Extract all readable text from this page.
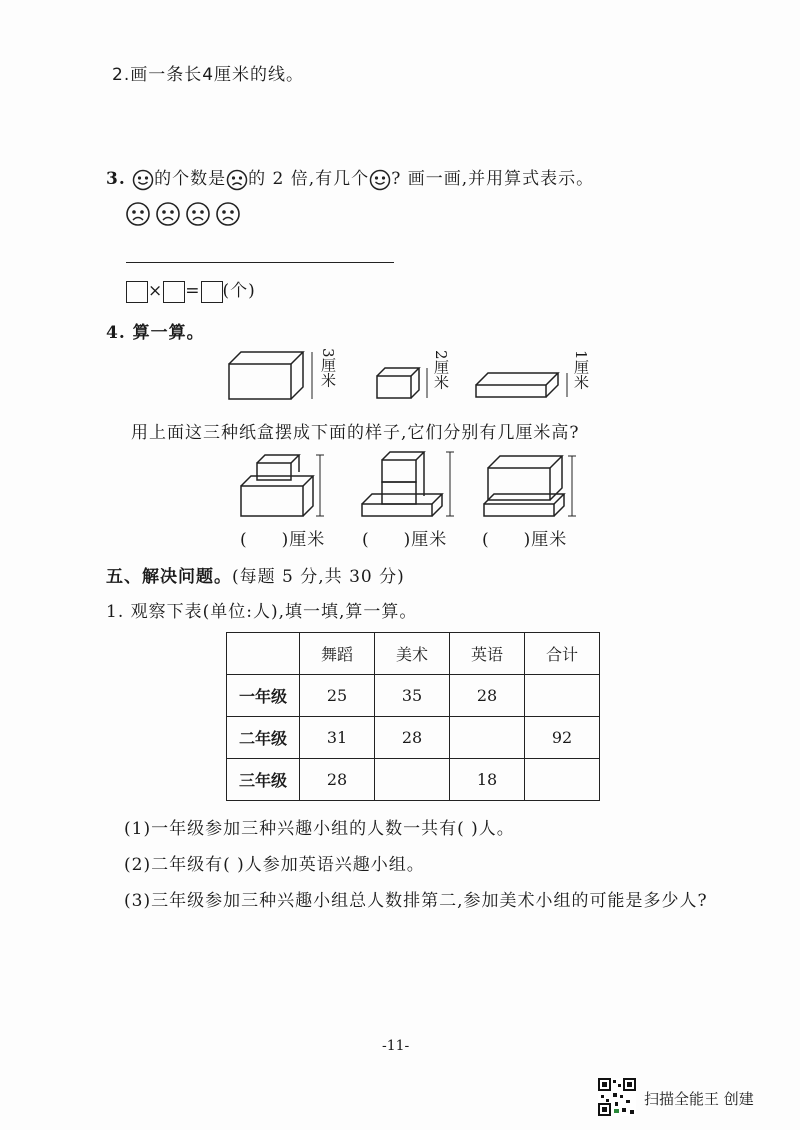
2.画一条长4厘米的线。
3. 的个数是 的 2 倍,有几个 ? 画一画,并用算式表示。
× = (个)
4. 算一算。
3厘米	2厘米	1厘米
用上面这三种纸盒摆成下面的样子,它们分别有几厘米高?
( )厘米 ( )厘米 ( )厘米
五、解决问题。(每题 5 分,共 30 分)
1. 观察下表(单位:人),填一填,算一算。
	舞蹈	美术	英语	合计
一年级	25	35	28	
二年级	31	28		92
三年级	28		18	
(1)一年级参加三种兴趣小组的人数一共有( )人。
(2)二年级有( )人参加英语兴趣小组。
(3)三年级参加三种兴趣小组总人数排第二,参加美术小组的可能是多少人?
-11-
扫描全能王 创建
